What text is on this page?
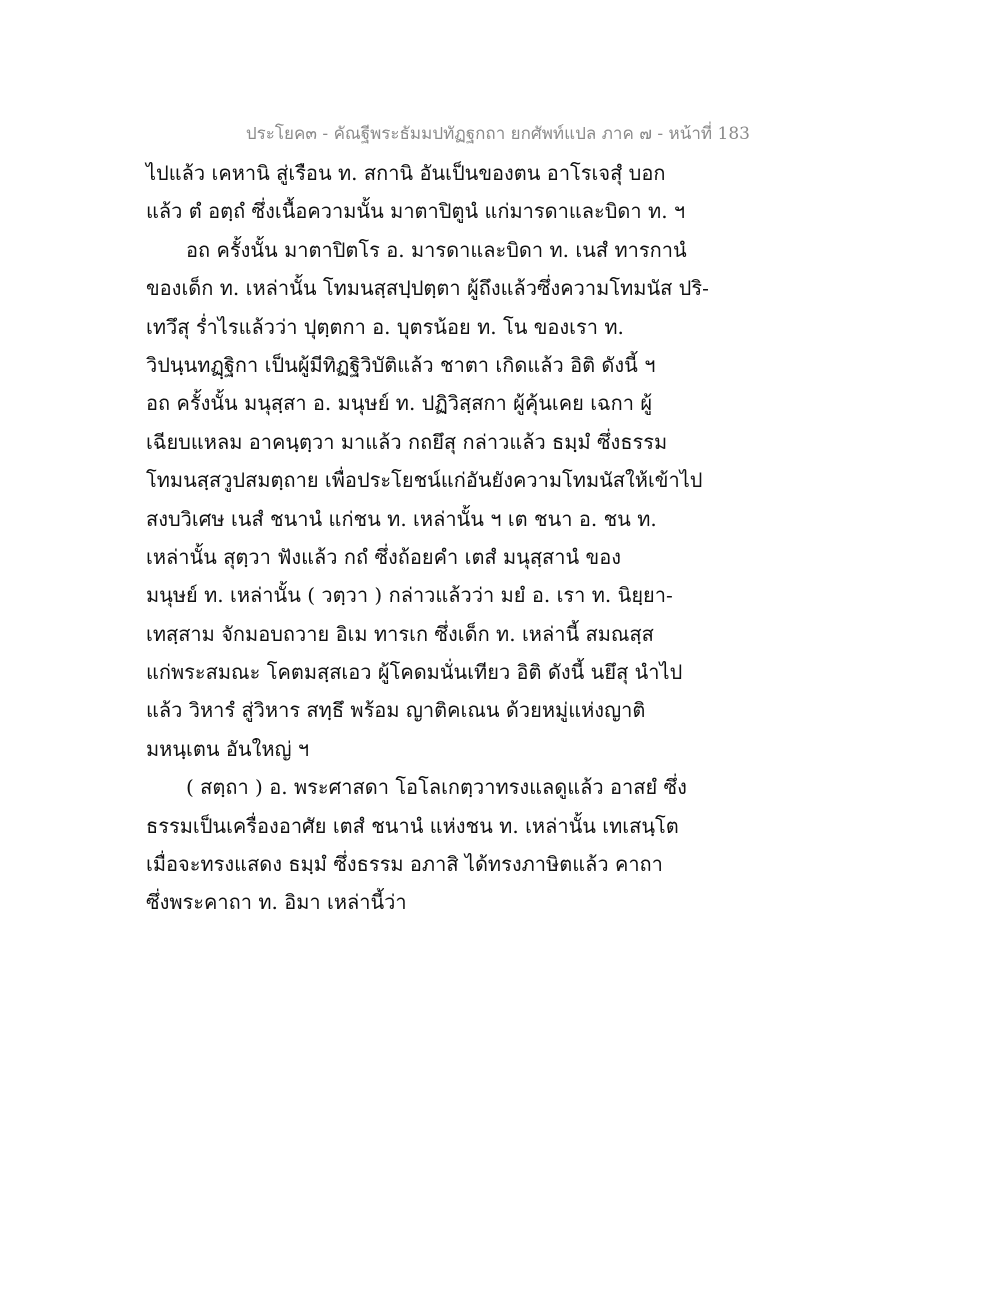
ประโยค๓ - คัณฐีพระธัมมปทัฏฐกถา ยกศัพท์แปล ภาค ๗ - หน้าที่ 183
ไปแล้ว เคหานิ สู่เรือน ท. สกานิ อันเป็นของตน อาโรเจสุํ บอก
แล้ว ตํ อตฺถํ ซึ่งเนื้อความนั้น มาตาปิตูนํ แก่มารดาและบิดา ท. ฯ
อถ ครั้งนั้น มาตาปิตโร อ. มารดาและบิดา ท. เนสํ ทารกานํ
ของเด็ก ท. เหล่านั้น โทมนสฺสปฺปตฺตา ผู้ถึงแล้วซึ่งความโทมนัส ปริ-
เทวึสุ ร่ำไรแล้วว่า ปุตฺตกา อ. บุตรน้อย ท. โน ของเรา ท.
วิปนฺนทฏฺฐิกา เป็นผู้มีทิฏฐิวิบัติแล้ว ชาตา เกิดแล้ว อิติ ดังนี้ ฯ
อถ ครั้งนั้น มนุสฺสา อ. มนุษย์ ท. ปฏิวิสฺสกา ผู้คุ้นเคย เฉกา ผู้
เฉียบแหลม อาคนฺตฺวา มาแล้ว กถยึสุ กล่าวแล้ว ธมฺมํ ซึ่งธรรม
โทมนสฺสวูปสมตฺถาย เพื่อประโยชน์แก่อันยังความโทมนัสให้เข้าไป
สงบวิเศษ เนสํ ชนานํ แก่ชน ท. เหล่านั้น ฯ เต ชนา อ. ชน ท.
เหล่านั้น สุตฺวา ฟังแล้ว กถํ ซึ่งถ้อยคำ เตสํ มนุสฺสานํ ของ
มนุษย์ ท. เหล่านั้น ( วตฺวา ) กล่าวแล้วว่า มยํ อ. เรา ท. นิยฺยา-
เทสฺสาม จักมอบถวาย อิเม ทารเก ซึ่งเด็ก ท. เหล่านี้ สมณสฺส
แก่พระสมณะ โคตมสฺสเอว ผู้โคดมนั่นเทียว อิติ ดังนี้ นยึสุ นำไป
แล้ว วิหารํ สู่วิหาร สทฺธึ พร้อม ญาติคเณน ด้วยหมู่แห่งญาติ
มหนฺเตน อันใหญ่ ฯ
( สตฺถา ) อ. พระศาสดา โอโลเกตฺวาทรงแลดูแล้ว อาสยํ ซึ่ง
ธรรมเป็นเครื่องอาศัย เตสํ ชนานํ แห่งชน ท. เหล่านั้น เทเสนฺโต
เมื่อจะทรงแสดง ธมฺมํ ซึ่งธรรม อภาสิ ได้ทรงภาษิตแล้ว คาถา
ซึ่งพระคาถา ท. อิมา เหล่านี้ว่า
